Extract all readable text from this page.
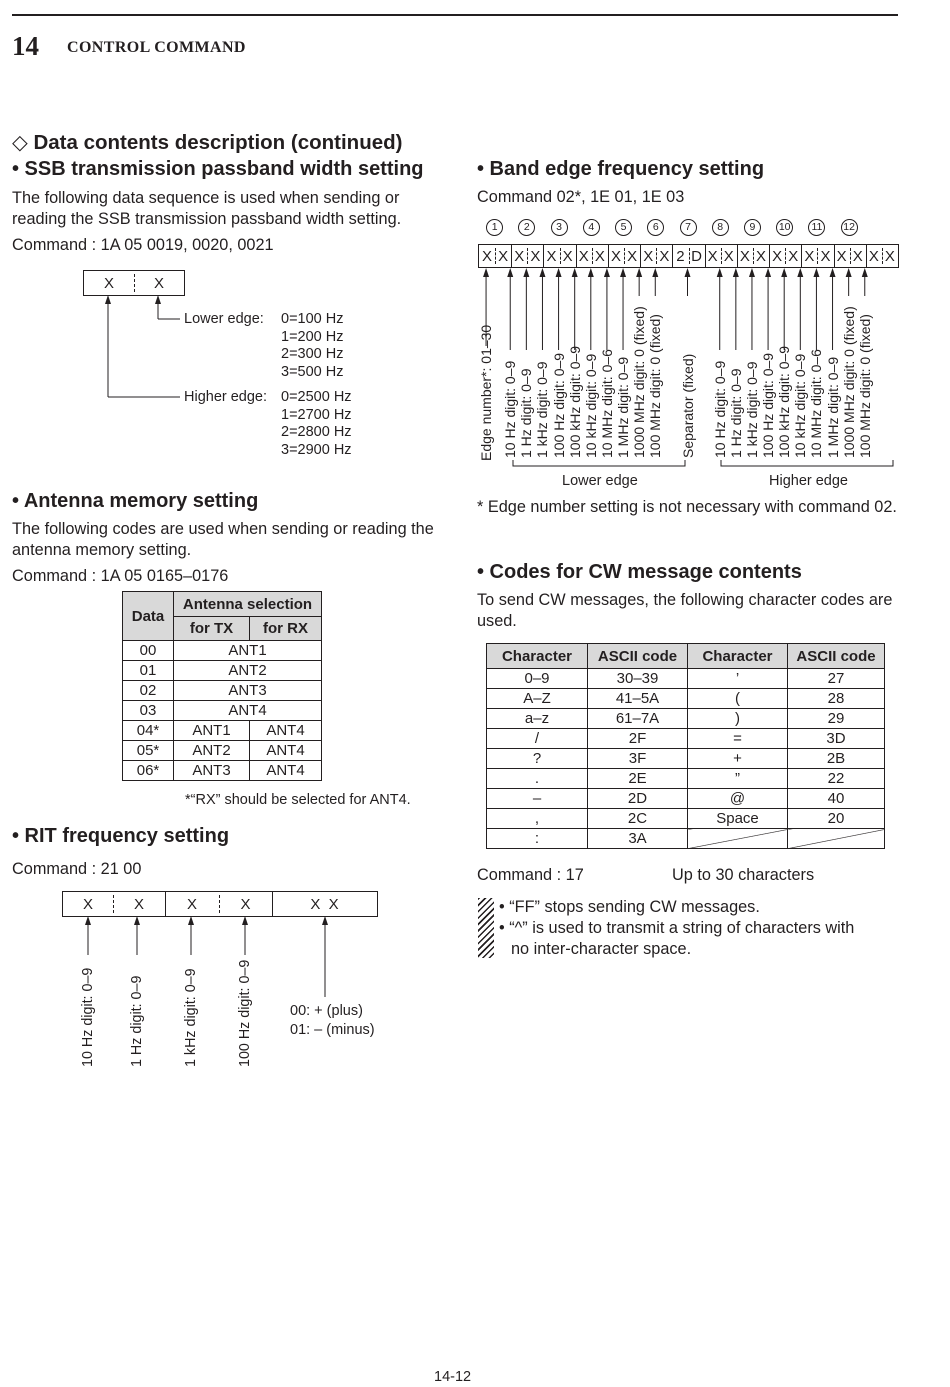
14 CONTROL COMMAND
◇ Data contents description (continued)
• SSB transmission passband width setting
The following data sequence is used when sending or reading the SSB transmission passband width setting.
Command : 1A 05 0019, 0020, 0021
X	X
Lower edge: 0=100 Hz
1=200 Hz
2=300 Hz
3=500 Hz
Higher edge: 0=2500 Hz
1=2700 Hz
2=2800 Hz
3=2900 Hz
• Antenna memory setting
The following codes are used when sending or reading the antenna memory setting.
Command : 1A 05 0165–0176
Data	Antenna selection	
	for TX	for RX
00	ANT1	
01	ANT2	
02	ANT3	
03	ANT4	
04*	ANT1	ANT4
05*	ANT2	ANT4
06*	ANT3	ANT4
*“RX” should be selected for ANT4.
• RIT frequency setting
Command : 21 00
X	X	X	X	X  X
10 Hz digit: 0–9 1 Hz digit: 0–9	1 kHz digit: 0–9	100 Hz digit: 0–9	00: + (plus)
01: – (minus)
• Band edge frequency setting
Command 02*, 1E 01, 1E 03
1	2	3	4	5	6	7	8	9	10 11 12
X X X X X X X X X X X X 2 D X X X X X X X X X X X X
Edge number*: 01–30 10 Hz digit: 0–9 1 Hz digit: 0–9 1 kHz digit: 0–9 100 Hz digit: 0–9 100 kHz digit: 0–9 10 kHz digit: 0–9 10 MHz digit: 0–6 1 MHz digit: 0–9 1000 MHz digit: 0 (fixed) 100 MHz digit: 0 (fixed) Separator (fixed) 10 Hz digit: 0–9 1 Hz digit: 0–9 1 kHz digit: 0–9 100 Hz digit: 0–9 100 kHz digit: 0–9 10 kHz digit: 0–9 10 MHz digit: 0–6 1 MHz digit: 0–9 1000 MHz digit: 0 (fixed) 100 MHz digit: 0 (fixed)
Lower edge	Higher edge
* Edge number setting is not necessary with command 02.
• Codes for CW message contents
To send CW messages, the following character codes are used.
Character	ASCII code	Character	ASCII code
0–9	30–39	’	27
A–Z	41–5A	(	28
a–z	61–7A	)	29
/	2F	=	3D
?	3F	+	2B
.	2E	”	22
–	2D	@	40
,	2C	Space	20
:	3A		
Command : 17	Up to 30 characters
• “FF” stops sending CW messages.
• “^” is used to transmit a string of characters with
no inter-character space.
14-12
